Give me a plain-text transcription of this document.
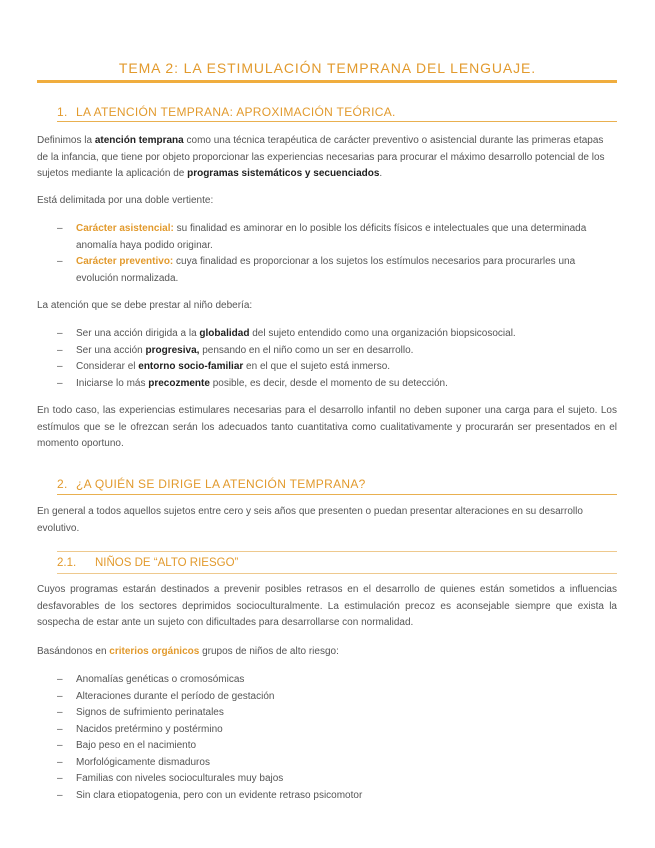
TEMA 2: LA ESTIMULACIÓN TEMPRANA DEL LENGUAJE.
1. LA ATENCIÓN TEMPRANA: APROXIMACIÓN TEÓRICA.

Definimos la atención temprana como una técnica terapéutica de carácter preventivo o asistencial durante las primeras etapas de la infancia, que tiene por objeto proporcionar las experiencias necesarias para procurar el máximo desarrollo potencial de los sujetos mediante la aplicación de programas sistemáticos y secuenciados.

Está delimitada por una doble vertiente:

– Carácter asistencial: su finalidad es aminorar en lo posible los déficits físicos e intelectuales que una determinada anomalía haya podido originar.
– Carácter preventivo: cuya finalidad es proporcionar a los sujetos los estímulos necesarios para procurarles una evolución normalizada.

La atención que se debe prestar al niño debería:

– Ser una acción dirigida a la globalidad del sujeto entendido como una organización biopsicosocial.
– Ser una acción progresiva, pensando en el niño como un ser en desarrollo.
– Considerar el entorno socio-familiar en el que el sujeto está inmerso.
– Iniciarse lo más precozmente posible, es decir, desde el momento de su detección.

En todo caso, las experiencias estimulares necesarias para el desarrollo infantil no deben suponer una carga para el sujeto. Los estímulos que se le ofrezcan serán los adecuados tanto cuantitativa como cualitativamente y procurarán ser presentados en el momento oportuno.

2. ¿A QUIÉN SE DIRIGE LA ATENCIÓN TEMPRANA?

En general a todos aquellos sujetos entre cero y seis años que presenten o puedan presentar alteraciones en su desarrollo evolutivo.

2.1. NIÑOS DE “ALTO RIESGO”

Cuyos programas estarán destinados a prevenir posibles retrasos en el desarrollo de quienes están sometidos a influencias desfavorables de los sectores deprimidos socioculturalmente. La estimulación precoz es aconsejable siempre que exista la sospecha de estar ante un sujeto con dificultades para desarrollarse con normalidad.

Basándonos en criterios orgánicos grupos de niños de alto riesgo:

– Anomalías genéticas o cromosómicas
– Alteraciones durante el período de gestación
– Signos de sufrimiento perinatales
– Nacidos pretérmino y postérmino
– Bajo peso en el nacimiento
– Morfológicamente dismaduros
– Familias con niveles socioculturales muy bajos
– Sin clara etiopatogenia, pero con un evidente retraso psicomotor
